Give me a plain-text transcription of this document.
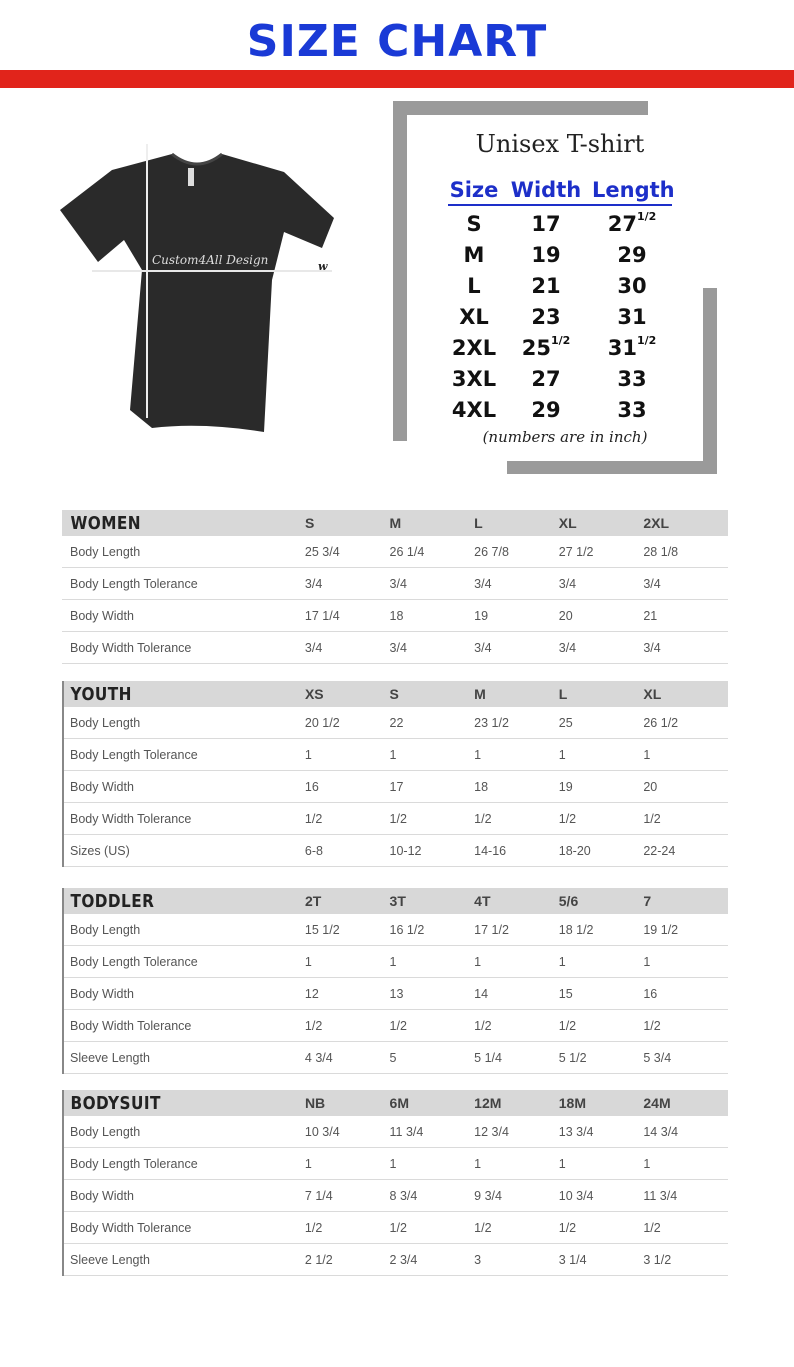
SIZE CHART
Custom4All Design	w
Unisex T-shirt
Size Width Length
S	17	$27^{1/2}$
M	19	29
L	21	30
XL	23	31
2XL	$25^{1/2}$	$31^{1/2}$
3XL	27	33
4XL	29	33
(numbers are in inch)
WOMEN	S	M	L	XL	2XL
Body Length	25 3/4	26 1/4	26 7/8	27 1/2	28 1/8
Body Length Tolerance	3/4	3/4	3/4	3/4	3/4
Body Width	17 1/4	18	19	20	21
Body Width Tolerance	3/4	3/4	3/4	3/4	3/4
YOUTH	XS	S	M	L	XL
Body Length	20 1/2	22	23 1/2	25	26 1/2
Body Length Tolerance	1	1	1	1	1
Body Width	16	17	18	19	20
Body Width Tolerance	1/2	1/2	1/2	1/2	1/2
Sizes (US)	6-8	10-12	14-16	18-20	22-24
TODDLER	2T	3T	4T	5/6	7
Body Length	15 1/2	16 1/2	17 1/2	18 1/2	19 1/2
Body Length Tolerance	1	1	1	1	1
Body Width	12	13	14	15	16
Body Width Tolerance	1/2	1/2	1/2	1/2	1/2
Sleeve Length	4 3/4	5	5 1/4	5 1/2	5 3/4
BODYSUIT	NB	6M	12M	18M	24M
Body Length	10 3/4	11 3/4	12 3/4	13 3/4	14 3/4
Body Length Tolerance	1	1	1	1	1
Body Width	7 1/4	8 3/4	9 3/4	10 3/4	11 3/4
Body Width Tolerance	1/2	1/2	1/2	1/2	1/2
Sleeve Length	2 1/2	2 3/4	3	3 1/4	3 1/2
